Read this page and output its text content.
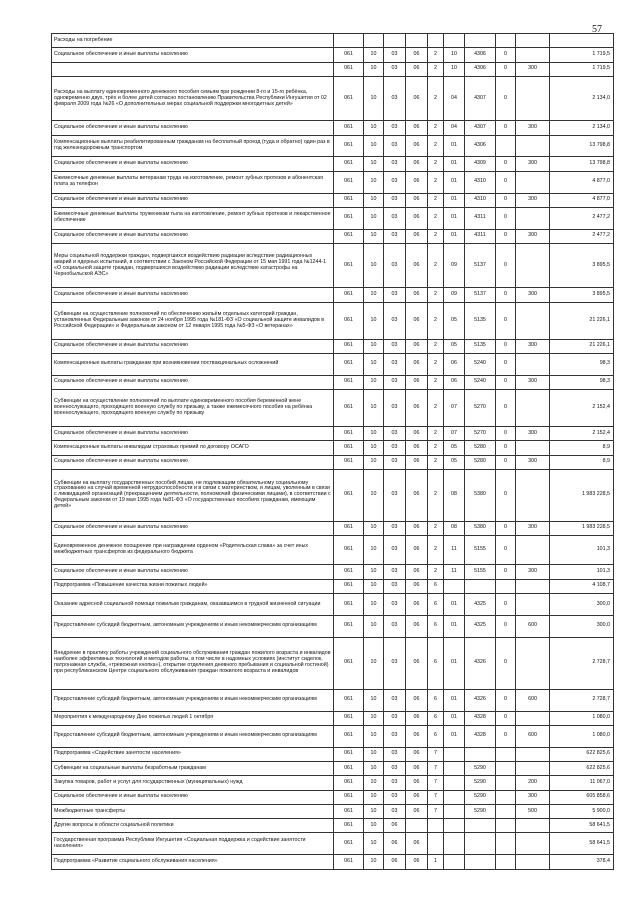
57
Расходы на погребение										
Социальное обеспечение и иные выплаты населению	061	10	03	06	2	10	4306	0		1 719,5
	061	10	03	06	2	10	4306	0	300	1 719,5
Расходы на выплату единовременного денежного пособия семьям при рождении 8-го и 15-го ребёнка, одновременно двух, трёх и более детей согласно постановлению Правительства Республики Ингушетия от 02 февраля 2009 года №26 «О дополнительных мерах социальной поддержки многодетных детей»	061	10	03	06	2	04	4307	0		2 134,0
Социальное обеспечение и иные выплаты населению	061	10	03	06	2	04	4307	0	300	2 134,0
Компенсационные выплаты реабилитированным гражданам на бесплатный проезд (туда и обратно) один раз в год железнодорожным транспортом	061	10	03	06	2	01	4306			13 798,8
Социальное обеспечение и иные выплаты населению	061	10	03	06	2	01	4309	0	300	13 798,8
Ежемесячные денежные выплаты ветеранам труда на изготовление, ремонт зубных протезов и абонентская плата за телефон	061	10	03	06	2	01	4310	0		4 877,0
Социальное обеспечение и иные выплаты населению	061	10	03	06	2	01	4310	0	300	4 877,0
Ежемесячные денежные выплаты труженикам тыла на изготовление, ремонт зубных протезов и лекарственное обеспечение	061	10	03	06	2	01	4311	0		2 477,2
Социальное обеспечение и иные выплаты населению	061	10	03	06	2	01	4311	0	300	2 477,2
Меры социальной поддержки граждан, подвергшихся воздействию радиации вследствие радиационных аварий и ядерных испытаний, в соответствии с Законом Российской Федерации от 15 мая 1991 года №1244-1 «О социальной защите граждан, подвергшихся воздействию радиации вследствие катастрофы на Чернобыльской АЭС»	061	10	03	06	2	09	5137	0		3 895,5
Социальное обеспечение и иные выплаты населению	061	10	03	06	2	09	5137	0	300	3 895,5
Субвенции на осуществление полномочий по обеспечению жильём отдельных категорий граждан, установленных Федеральным законом от 24 ноября 1995 года №181-ФЗ «О социальной защите инвалидов в Российской Федерации» и Федеральным законом от 12 января 1995 года №5-ФЗ «О ветеранах»	061	10	03	06	2	05	5135	0		21 226,1
Социальное обеспечение и иные выплаты населению	061	10	03	06	2	05	5135	0	300	21 226,1
Компенсационные выплаты гражданам при возникновении поствакцинальных осложнений	061	10	03	06	2	06	5240	0		98,3
Социальное обеспечение и иные выплаты населению	061	10	03	06	2	06	5240	0	300	98,3
Субвенции на осуществление полномочий по выплате единовременного пособия беременной жене военнослужащего, проходящего военную службу по призыву, а также ежемесячного пособия на ребёнка военнослужащего, проходящего военную службу по призыву	061	10	03	06	2	07	5270	0		2 152,4
Социальное обеспечение и иные выплаты населению	061	10	03	06	2	07	5270	0	300	2 152,4
Компенсационные выплаты инвалидам страховых премий по договору ОСАГО	061	10	03	06	2	05	5280	0		8,9
Социальное обеспечение и иные выплаты населению	061	10	03	06	2	05	5280	0	300	8,9
Субвенции на выплату государственных пособий лицам, не подлежащим обязательному социальному страхованию на случай временной нетрудоспособности и в связи с материнством, и лицам, уволенным в связи с ликвидацией организаций (прекращением деятельности, полномочий физическими лицами), в соответствии с Федеральным законом от 19 мая 1995 года №81-ФЗ «О государственных пособиях гражданам, имеющим детей»	061	10	03	06	2	08	5380	0		1 983 228,5
Социальное обеспечение и иные выплаты населению	061	10	03	06	2	08	5380	0	300	1 983 228,5
Единовременное денежное поощрение при награждении орденом «Родительская слава» за счет иных межбюджетных трансфертов из федерального бюджета	061	10	03	06	2	11	5155	0		101,3
Социальное обеспечение и иные выплаты населению	061	10	03	06	2	11	5155	0	300	101,3
Подпрограмма «Повышение качества жизни пожилых людей»	061	10	03	06	6					4 108,7
Оказание адресной социальной помощи пожилым гражданам, оказавшимся в трудной жизненной ситуации	061	10	03	06	6	01	4325	0		300,0
Предоставление субсидий бюджетным, автономным учреждениям и иным некоммерческим организациям	061	10	03	06	6	01	4325	0	600	300,0
Внедрение в практику работы учреждений социального обслуживания граждан пожилого возраста и инвалидов наиболее эффективных технологий и методов работы, в том числе в надомных условиях (институт сиделок, патронажная служба, «тревожная кнопка»), открытие отделения дневного пребывания и социальной гостиной) при республиканском Центре социального обслуживания граждан пожилого возраста и инвалидов	061	10	03	06	6	01	4326	0		2 728,7
Предоставление субсидий бюджетным, автономным учреждениям и иным некоммерческим организациям	061	10	03	06	6	01	4326	0	600	2 728,7
Мероприятия к международному Дню пожилых людей 1 октября	061	10	03	06	6	01	4328	0		1 080,0
Предоставление субсидий бюджетным, автономным учреждениям и иным некоммерческим организациям	061	10	03	06	6	01	4328	0	600	1 080,0
Подпрограмма «Содействие занятости населения»	061	10	03	06	7					622 825,6
Субвенции на социальные выплаты безработным гражданам	061	10	03	06	7		5290			622 825,6
Закупка товаров, работ и услуг для государственных (муниципальных) нужд	061	10	03	06	7		5290		200	11 067,0
Социальное обеспечение и иные выплаты населению	061	10	03	06	7		5290		300	605 858,6
Межбюджетные трансферты	061	10	03	06	7		5290		500	5 900,0
Другие вопросы в области социальной политики	061	10	06							58 641,5
Государственная программа Республики Ингушетия «Социальная поддержка и содействие занятости населения»	061	10	06	06						58 641,5
Подпрограмма «Развитие социального обслуживания населения»	061	10	06	06	1					378,4
